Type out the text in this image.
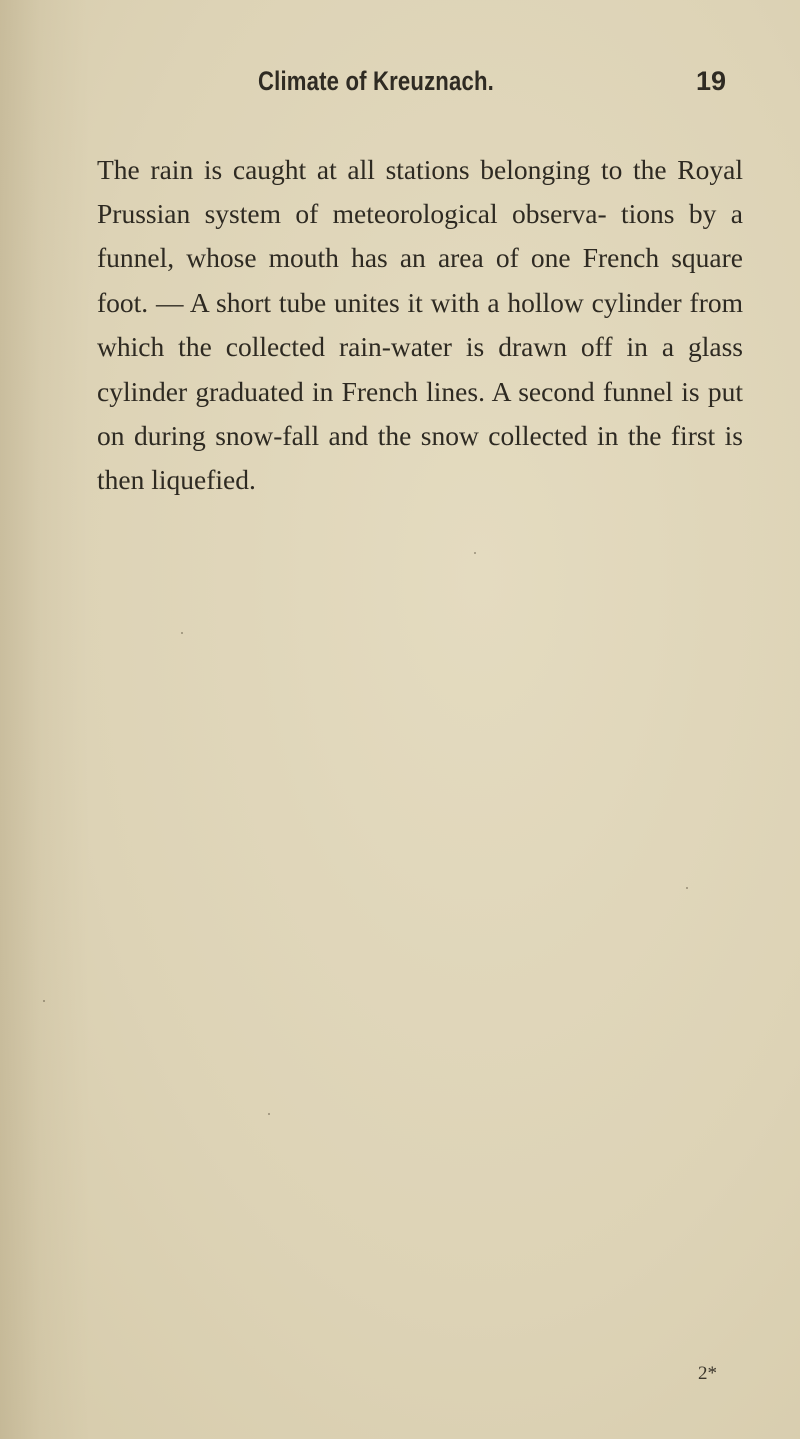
Climate of Kreuznach.	19

The rain is caught at all stations belonging to the Royal Prussian system of meteorological observa- tions by a funnel, whose mouth has an area of one French square foot. — A short tube unites it with a hollow cylinder from which the collected rain-water is drawn off in a glass cylinder graduated in French lines. A second funnel is put on during snow-fall and the snow collected in the first is then liquefied.

2*
